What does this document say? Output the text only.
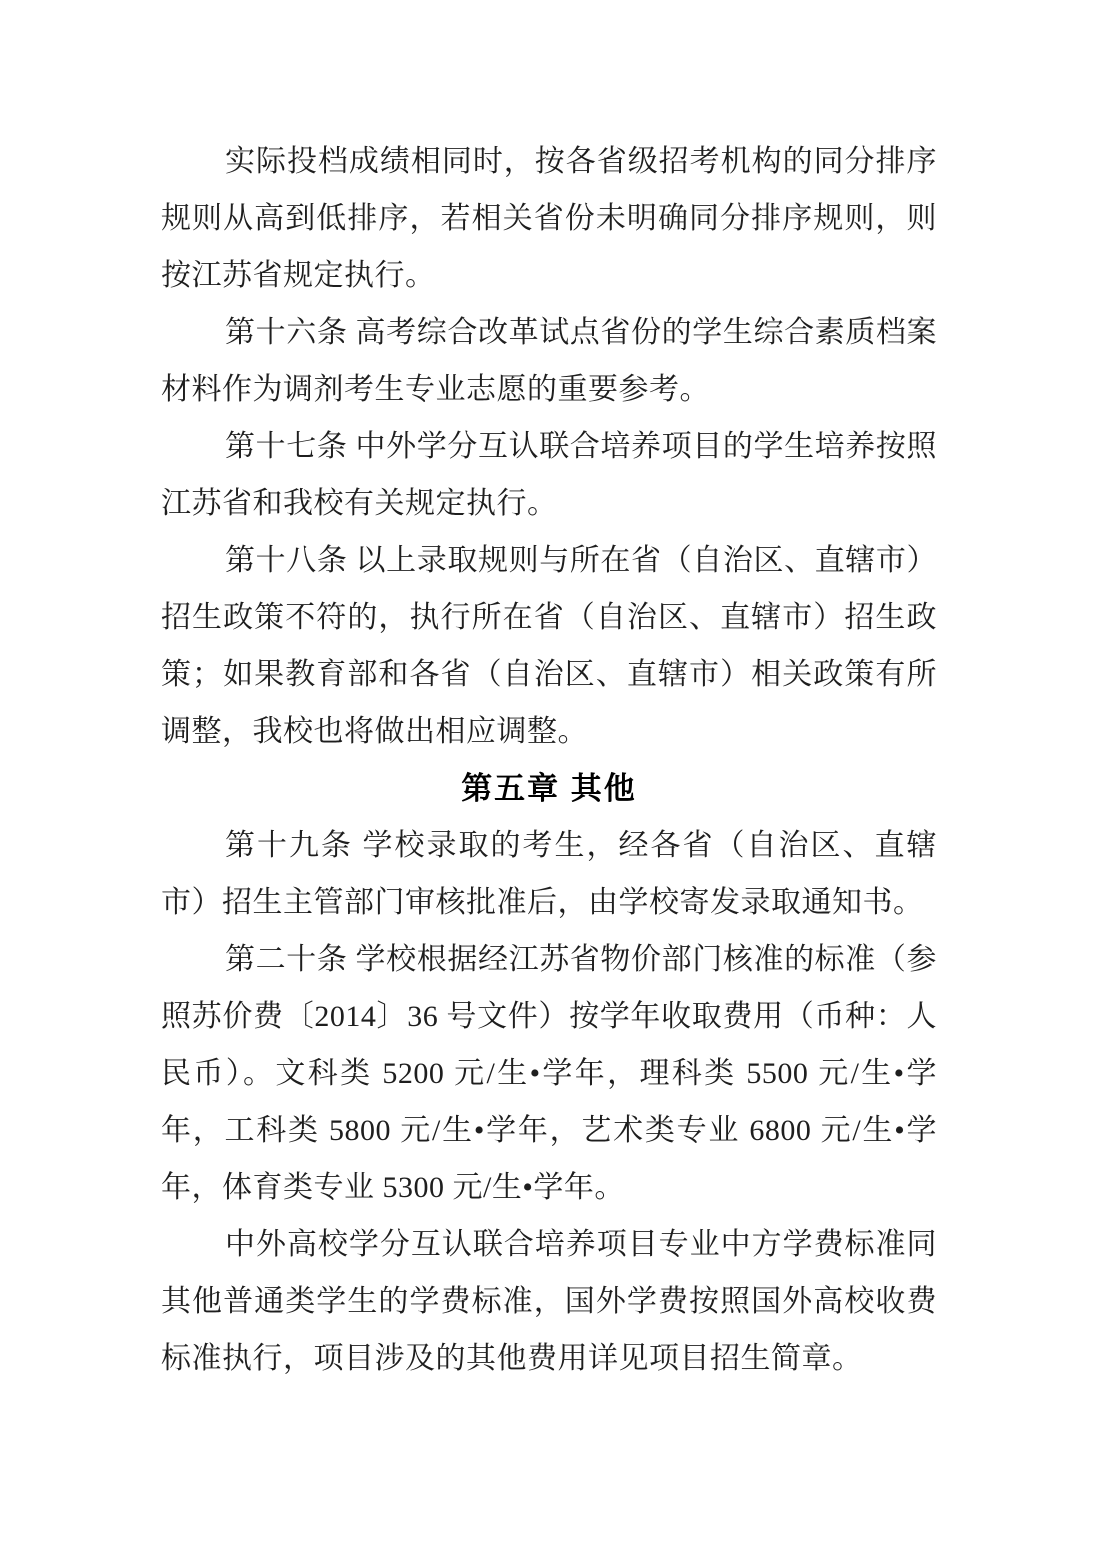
实际投档成绩相同时，按各省级招考机构的同分排序规则从高到低排序，若相关省份未明确同分排序规则，则按江苏省规定执行。

第十六条 高考综合改革试点省份的学生综合素质档案材料作为调剂考生专业志愿的重要参考。

第十七条 中外学分互认联合培养项目的学生培养按照江苏省和我校有关规定执行。

第十八条 以上录取规则与所在省（自治区、直辖市）招生政策不符的，执行所在省（自治区、直辖市）招生政策；如果教育部和各省（自治区、直辖市）相关政策有所调整，我校也将做出相应调整。

第五章 其他

第十九条 学校录取的考生，经各省（自治区、直辖市）招生主管部门审核批准后，由学校寄发录取通知书。

第二十条 学校根据经江苏省物价部门核准的标准（参照苏价费〔2014〕36 号文件）按学年收取费用（币种：人民币）。文科类 5200 元/生•学年，理科类 5500 元/生•学年，工科类 5800 元/生•学年，艺术类专业 6800 元/生•学年，体育类专业 5300 元/生•学年。

中外高校学分互认联合培养项目专业中方学费标准同其他普通类学生的学费标准，国外学费按照国外高校收费标准执行，项目涉及的其他费用详见项目招生简章。
